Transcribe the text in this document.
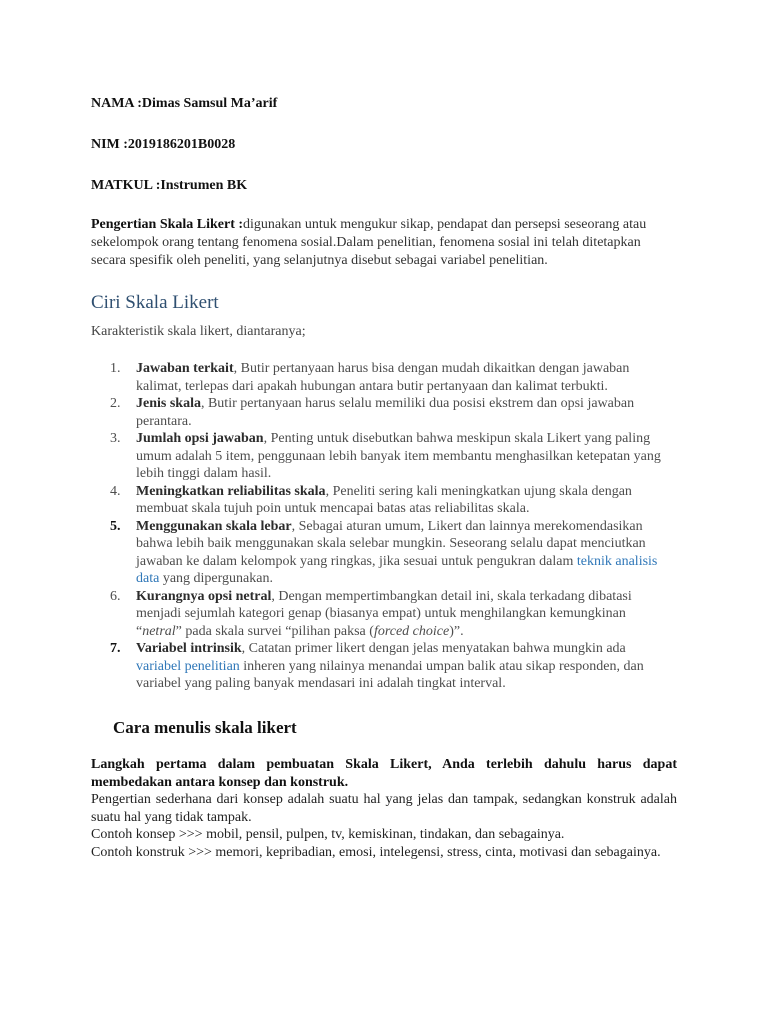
NAMA :Dimas Samsul Ma’arif
NIM :2019186201B0028
MATKUL :Instrumen BK
Pengertian Skala Likert :digunakan untuk mengukur sikap, pendapat dan persepsi seseorang atau sekelompok orang tentang fenomena sosial.Dalam penelitian, fenomena sosial ini telah ditetapkan secara spesifik oleh peneliti, yang selanjutnya disebut sebagai variabel penelitian.
Ciri Skala Likert
Karakteristik skala likert, diantaranya;
1.	Jawaban terkait, Butir pertanyaan harus bisa dengan mudah dikaitkan dengan jawaban kalimat, terlepas dari apakah hubungan antara butir pertanyaan dan kalimat terbukti.
2.	Jenis skala, Butir pertanyaan harus selalu memiliki dua posisi ekstrem dan opsi jawaban perantara.
3.	Jumlah opsi jawaban, Penting untuk disebutkan bahwa meskipun skala Likert yang paling umum adalah 5 item, penggunaan lebih banyak item membantu menghasilkan ketepatan yang lebih tinggi dalam hasil.
4.	Meningkatkan reliabilitas skala, Peneliti sering kali meningkatkan ujung skala dengan membuat skala tujuh poin untuk mencapai batas atas reliabilitas skala.
5.	Menggunakan skala lebar, Sebagai aturan umum, Likert dan lainnya merekomendasikan bahwa lebih baik menggunakan skala selebar mungkin. Seseorang selalu dapat menciutkan jawaban ke dalam kelompok yang ringkas, jika sesuai untuk pengukran dalam teknik analisis data yang dipergunakan.
6.	Kurangnya opsi netral, Dengan mempertimbangkan detail ini, skala terkadang dibatasi menjadi sejumlah kategori genap (biasanya empat) untuk menghilangkan kemungkinan “netral” pada skala survei “pilihan paksa (forced choice)”.
7.	Variabel intrinsik, Catatan primer likert dengan jelas menyatakan bahwa mungkin ada variabel penelitian inheren yang nilainya menandai umpan balik atau sikap responden, dan variabel yang paling banyak mendasari ini adalah tingkat interval.
Cara menulis skala likert

Langkah pertama dalam pembuatan Skala Likert, Anda terlebih dahulu harus dapat membedakan antara konsep dan konstruk.

Pengertian sederhana dari konsep adalah suatu hal yang jelas dan tampak, sedangkan konstruk adalah suatu hal yang tidak tampak.

Contoh konsep >>> mobil, pensil, pulpen, tv, kemiskinan, tindakan, dan sebagainya.

Contoh konstruk >>> memori, kepribadian, emosi, intelegensi, stress, cinta, motivasi dan sebagainya.
